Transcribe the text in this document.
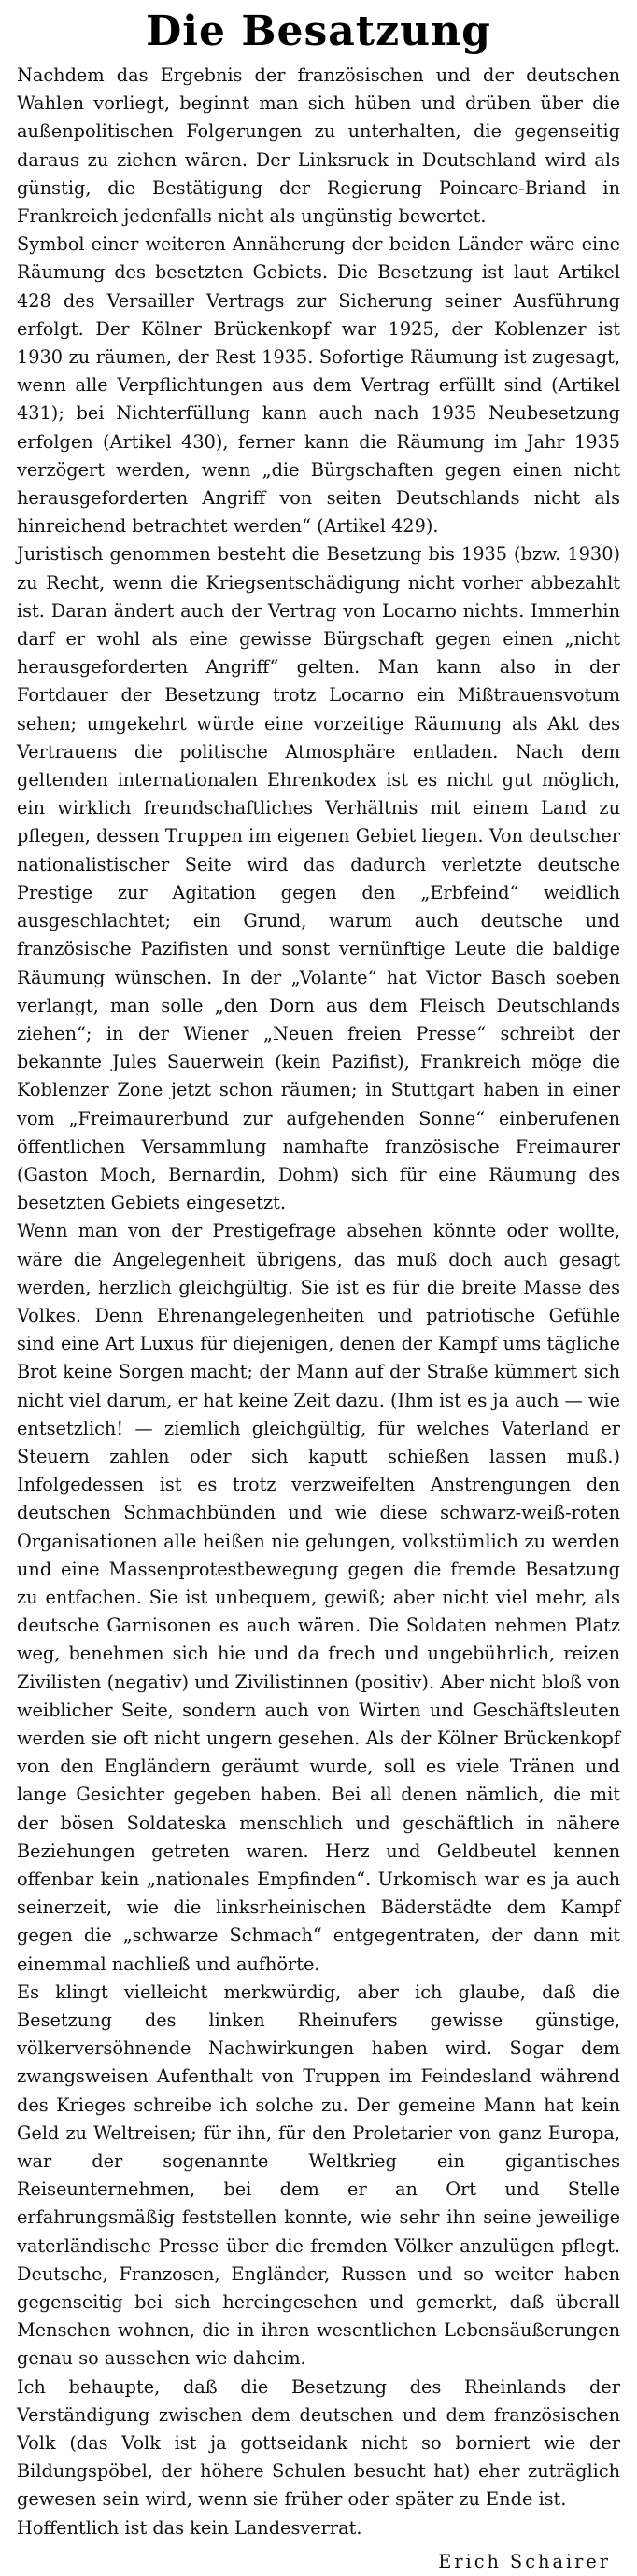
Die Besatzung

Nachdem das Ergebnis der französischen und der deutschen Wahlen vorliegt, beginnt man sich hüben und drüben über die außenpolitischen Folgerungen zu unterhalten, die gegenseitig daraus zu ziehen wären. Der Linksruck in Deutschland wird als günstig, die Bestätigung der Regierung Poincare-Briand in Frankreich jedenfalls nicht als ungünstig bewertet.

Symbol einer weiteren Annäherung der beiden Länder wäre eine Räumung des besetzten Gebiets. Die Besetzung ist laut Artikel 428 des Versailler Vertrags zur Sicherung seiner Ausführung erfolgt. Der Kölner Brückenkopf war 1925, der Koblenzer ist 1930 zu räumen, der Rest 1935. Sofortige Räumung ist zugesagt, wenn alle Verpflichtungen aus dem Vertrag erfüllt sind (Artikel 431); bei Nichterfüllung kann auch nach 1935 Neubesetzung erfolgen (Artikel 430), ferner kann die Räumung im Jahr 1935 verzögert werden, wenn „die Bürgschaften gegen einen nicht herausgeforderten Angriff von seiten Deutschlands nicht als hinreichend betrachtet werden“ (Artikel 429).

Juristisch genommen besteht die Besetzung bis 1935 (bzw. 1930) zu Recht, wenn die Kriegsentschädigung nicht vorher abbezahlt ist. Daran ändert auch der Vertrag von Locarno nichts. Immerhin darf er wohl als eine gewisse Bürgschaft gegen einen „nicht herausgeforderten Angriff“ gelten. Man kann also in der Fortdauer der Besetzung trotz Locarno ein Mißtrauensvotum sehen; umgekehrt würde eine vorzeitige Räumung als Akt des Vertrauens die politische Atmosphäre entladen. Nach dem geltenden internationalen Ehrenkodex ist es nicht gut möglich, ein wirklich freundschaftliches Verhältnis mit einem Land zu pflegen, dessen Truppen im eigenen Gebiet liegen. Von deutscher nationalistischer Seite wird das dadurch verletzte deutsche Prestige zur Agitation gegen den „Erbfeind“ weidlich ausgeschlachtet; ein Grund, warum auch deutsche und französische Pazifisten und sonst vernünftige Leute die baldige Räumung wünschen. In der „Volante“ hat Victor Basch soeben verlangt, man solle „den Dorn aus dem Fleisch Deutschlands ziehen“; in der Wiener „Neuen freien Presse“ schreibt der bekannte Jules Sauerwein (kein Pazifist), Frankreich möge die Koblenzer Zone jetzt schon räumen; in Stuttgart haben in einer vom „Freimaurerbund zur aufgehenden Sonne“ einberufenen öffentlichen Versammlung namhafte französische Freimaurer (Gaston Moch, Bernardin, Dohm) sich für eine Räumung des besetzten Gebiets eingesetzt.

Wenn man von der Prestigefrage absehen könnte oder wollte, wäre die Angelegenheit übrigens, das muß doch auch gesagt werden, herzlich gleichgültig. Sie ist es für die breite Masse des Volkes. Denn Ehrenangelegenheiten und patriotische Gefühle sind eine Art Luxus für diejenigen, denen der Kampf ums tägliche Brot keine Sorgen macht; der Mann auf der Straße kümmert sich nicht viel darum, er hat keine Zeit dazu. (Ihm ist es ja auch — wie entsetzlich! — ziemlich gleichgültig, für welches Vaterland er Steuern zahlen oder sich kaputt schießen lassen muß.) Infolgedessen ist es trotz verzweifelten Anstrengungen den deutschen Schmachbünden und wie diese schwarz-weiß-roten Organisationen alle heißen nie gelungen, volkstümlich zu werden und eine Massenprotestbewegung gegen die fremde Besatzung zu entfachen. Sie ist unbequem, gewiß; aber nicht viel mehr, als deutsche Garnisonen es auch wären. Die Soldaten nehmen Platz weg, benehmen sich hie und da frech und ungebührlich, reizen Zivilisten (negativ) und Zivilistinnen (positiv). Aber nicht bloß von weiblicher Seite, sondern auch von Wirten und Geschäftsleuten werden sie oft nicht ungern gesehen. Als der Kölner Brückenkopf von den Engländern geräumt wurde, soll es viele Tränen und lange Gesichter gegeben haben. Bei all denen nämlich, die mit der bösen Soldateska menschlich und geschäftlich in nähere Beziehungen getreten waren. Herz und Geldbeutel kennen offenbar kein „nationales Empfinden“. Urkomisch war es ja auch seinerzeit, wie die linksrheinischen Bäderstädte dem Kampf gegen die „schwarze Schmach“ entgegentraten, der dann mit einemmal nachließ und aufhörte.

Es klingt vielleicht merkwürdig, aber ich glaube, daß die Besetzung des linken Rheinufers gewisse günstige, völkerversöhnende Nachwirkungen haben wird. Sogar dem zwangsweisen Aufenthalt von Truppen im Feindesland während des Krieges schreibe ich solche zu. Der gemeine Mann hat kein Geld zu Weltreisen; für ihn, für den Proletarier von ganz Europa, war der sogenannte Weltkrieg ein gigantisches Reiseunternehmen, bei dem er an Ort und Stelle erfahrungsmäßig feststellen konnte, wie sehr ihn seine jeweilige vaterländische Presse über die fremden Völker anzulügen pflegt. Deutsche, Franzosen, Engländer, Russen und so weiter haben gegenseitig bei sich hereingesehen und gemerkt, daß überall Menschen wohnen, die in ihren wesentlichen Lebensäußerungen genau so aussehen wie daheim.

Ich behaupte, daß die Besetzung des Rheinlands der Verständigung zwischen dem deutschen und dem französischen Volk (das Volk ist ja gottseidank nicht so borniert wie der Bildungspöbel, der höhere Schulen besucht hat) eher zuträglich gewesen sein wird, wenn sie früher oder später zu Ende ist.

Hoffentlich ist das kein Landesverrat.

Erich Schairer
